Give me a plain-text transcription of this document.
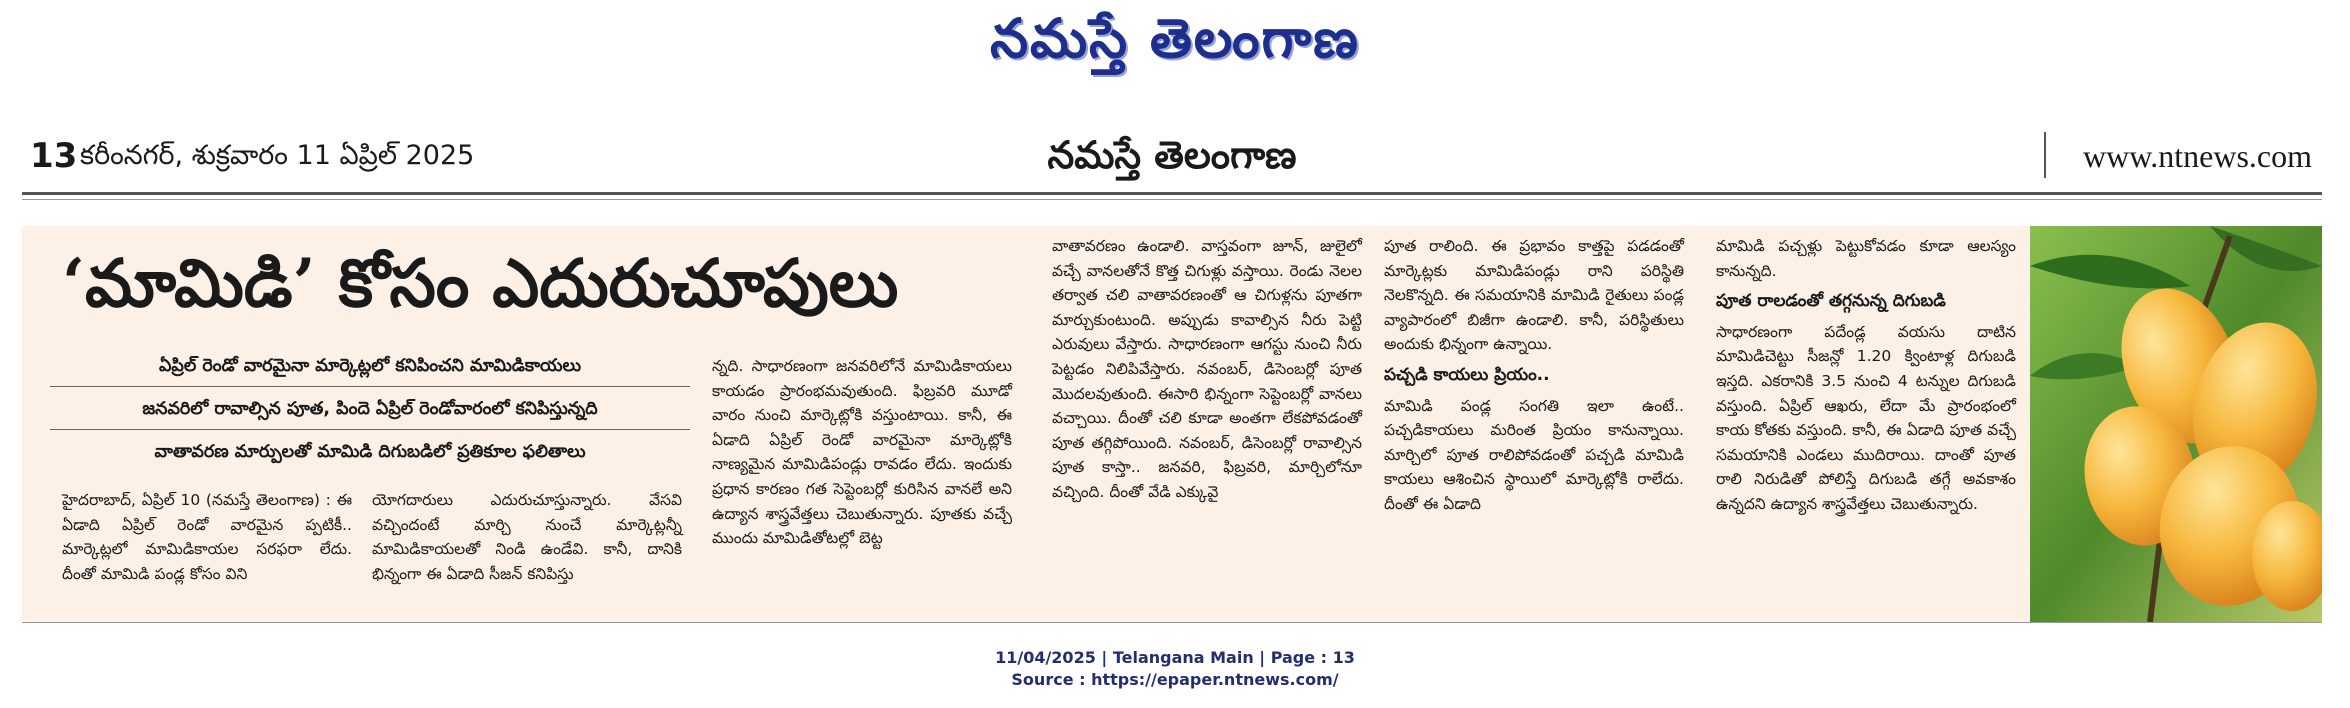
నమస్తే తెలంగాణ
13 కరీంనగర్, శుక్రవారం 11 ఏప్రిల్ 2025	నమస్తే తెలంగాణ	www.ntnews.com
‘మామిడి’ కోసం ఎదురుచూపులు
ఏప్రిల్ రెండో వారమైనా మార్కెట్లలో కనిపించని మామిడికాయలు
జనవరిలో రావాల్సిన పూత, పిందె ఏప్రిల్ రెండోవారంలో కనిపిస్తున్నది
వాతావరణ మార్పులతో మామిడి దిగుబడిలో ప్రతికూల ఫలితాలు

హైదరాబాద్, ఏప్రిల్ 10 (నమస్తే తెలంగాణ) : ఈ ఏడాది ఏప్రిల్ రెండో వారమైన ప్పటికీ.. మార్కెట్లలో మామిడికాయల సరఫరా లేదు. దీంతో మామిడి పండ్ల కోసం విని

యోగదారులు ఎదురుచూస్తున్నారు. వేసవి వచ్చిందంటే మార్చి నుంచే మార్కెట్లన్నీ మామిడికాయలతో నిండి ఉండేవి. కానీ, దానికి భిన్నంగా ఈ ఏడాది సీజన్ కనిపిస్తు

న్నది. సాధారణంగా జనవరిలోనే మామిడికాయలు కాయడం ప్రారంభమవుతుంది. ఫిబ్రవరి మూడో వారం నుంచి మార్కెట్లోకి వస్తుంటాయి. కానీ, ఈ ఏడాది ఏప్రిల్ రెండో వారమైనా మార్కెట్లోకి నాణ్యమైన మామిడిపండ్లు రావడం లేదు. ఇందుకు ప్రధాన కారణం గత సెప్టెంబర్లో కురిసిన వానలే అని ఉద్యాన శాస్త్రవేత్తలు చెబుతున్నారు. పూతకు వచ్చే ముందు మామిడితోటల్లో బెట్ట

వాతావరణం ఉండాలి. వాస్తవంగా జూన్, జులైలో వచ్చే వానలతోనే కొత్త చిగుళ్లు వస్తాయి. రెండు నెలల తర్వాత చలి వాతావరణంతో ఆ చిగుళ్లను పూతగా మార్చుకుంటుంది. అప్పుడు కావాల్సిన నీరు పెట్టి ఎరువులు వేస్తారు. సాధారణంగా ఆగస్టు నుంచి నీరు పెట్టడం నిలిపివేస్తారు. నవంబర్, డిసెంబర్లో పూత మొదలవుతుంది. ఈసారి భిన్నంగా సెప్టెంబర్లో వానలు వచ్చాయి. దీంతో చలి కూడా అంతగా లేకపోవడంతో పూత తగ్గిపోయింది. నవంబర్, డిసెంబర్లో రావాల్సిన పూత కాస్తా.. జనవరి, ఫిబ్రవరి, మార్చిలోనూ వచ్చింది. దీంతో వేడి ఎక్కువై

పూత రాలింది. ఈ ప్రభావం కాత్తపై పడడంతో మార్కెట్లకు మామిడిపండ్లు రాని పరిస్థితి నెలకొన్నది. ఈ సమయానికి మామిడి రైతులు పండ్ల వ్యాపారంలో బిజీగా ఉండాలి. కానీ, పరిస్థితులు అందుకు భిన్నంగా ఉన్నాయి.

పచ్చడి కాయలు ప్రియం..

మామిడి పండ్ల సంగతి ఇలా ఉంటే.. పచ్చడికాయలు మరింత ప్రియం కానున్నాయి. మార్చిలో పూత రాలిపోవడంతో పచ్చడి మామిడి కాయలు ఆశించిన స్థాయిలో మార్కెట్లోకి రాలేదు. దీంతో ఈ ఏడాది

మామిడి పచ్చళ్లు పెట్టుకోవడం కూడా ఆలస్యం కానున్నది.

పూత రాలడంతో తగ్గనున్న దిగుబడి

సాధారణంగా పదేండ్ల వయసు దాటిన మామిడిచెట్టు సీజన్లో 1.20 క్వింటాళ్ల దిగుబడి ఇస్తది. ఎకరానికి 3.5 నుంచి 4 టన్నుల దిగుబడి వస్తుంది. ఏప్రిల్ ఆఖరు, లేదా మే ప్రారంభంలో కాయ కోతకు వస్తుంది. కానీ, ఈ ఏడాది పూత వచ్చే సమయానికి ఎండలు ముదిరాయి. దాంతో పూత రాలి నిరుడితో పోలిస్తే దిగుబడి తగ్గే అవకాశం ఉన్నదని ఉద్యాన శాస్త్రవేత్తలు చెబుతున్నారు.

11/04/2025 | Telangana Main | Page : 13
Source : https://epaper.ntnews.com/
